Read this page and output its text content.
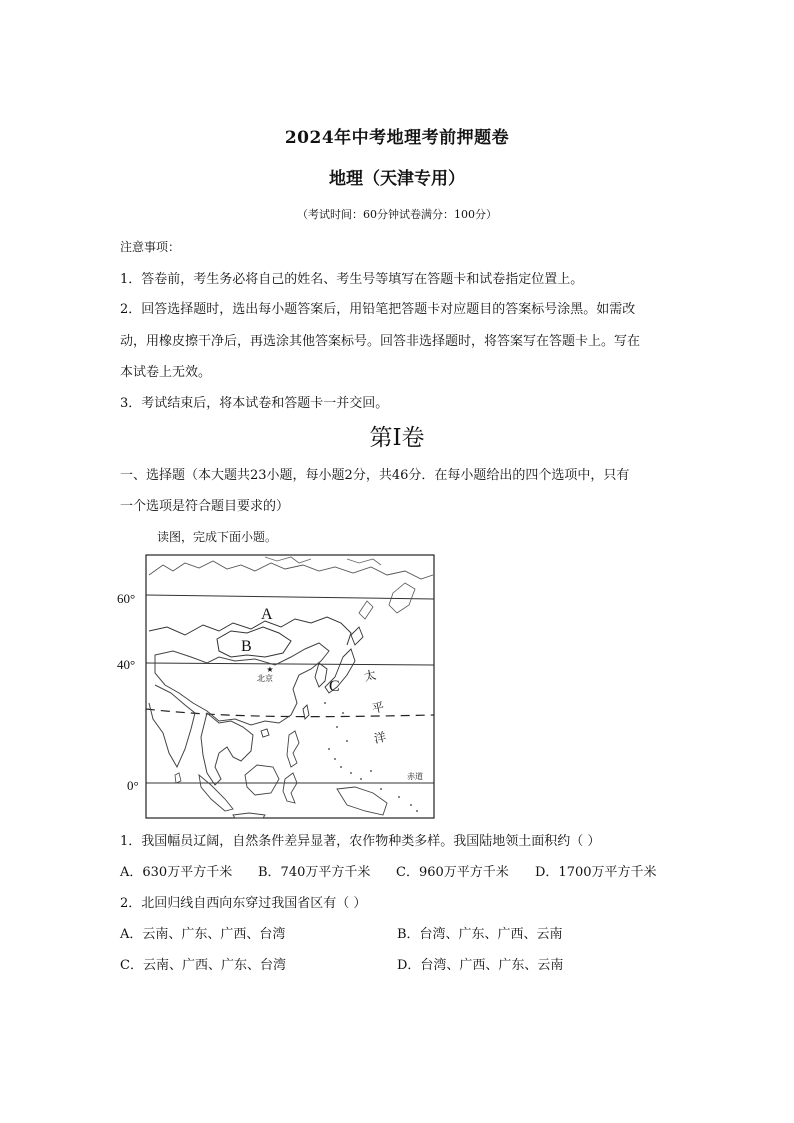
2024年中考地理考前押题卷
地理（天津专用）
（考试时间：60分钟试卷满分：100分）
注意事项：
1．答卷前，考生务必将自己的姓名、考生号等填写在答题卡和试卷指定位置上。
2．回答选择题时，选出每小题答案后，用铅笔把答题卡对应题目的答案标号涂黑。如需改
动，用橡皮擦干净后，再选涂其他答案标号。回答非选择题时，将答案写在答题卡上。写在
本试卷上无效。
3．考试结束后，将本试卷和答题卡一并交回。
第Ⅰ卷
一、选择题（本大题共23小题，每小题2分，共46分．在每小题给出的四个选项中，只有
一个选项是符合题目要求的）
读图，完成下面小题。
★
60°
40°
0°
A
B
C
北京	太
平
洋
赤道
1．我国幅员辽阔，自然条件差异显著，农作物种类多样。我国陆地领土面积约（ ）
A．630万平方千米 B．740万平方千米 C．960万平方千米 D．1700万平方千米
2．北回归线自西向东穿过我国省区有（ ）
A．云南、广东、广西、台湾	B．台湾、广东、广西、云南
C．云南、广西、广东、台湾	D．台湾、广西、广东、云南
